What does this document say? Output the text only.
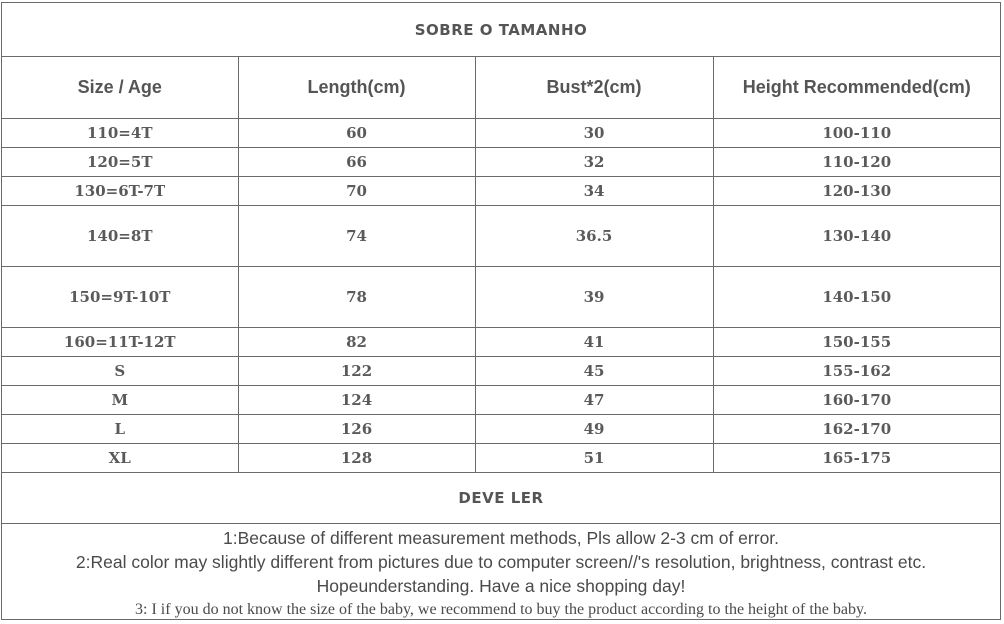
SOBRE O TAMANHO
Size / Age	Length(cm)	Bust*2(cm)	Height Recommended(cm)
110=4T	60	30	100-110
120=5T	66	32	110-120
130=6T-7T	70	34	120-130
140=8T	74	36.5	130-140
150=9T-10T	78	39	140-150
160=11T-12T	82	41	150-155
S	122	45	155-162
M	124	47	160-170
L	126	49	162-170
XL	128	51	165-175
DEVE LER
1:Because of different measurement methods, Pls allow 2-3 cm of error.
2:Real color may slightly different from pictures due to computer screen//'s resolution, brightness, contrast etc.
Hopeunderstanding. Have a nice shopping day!
3: I if you do not know the size of the baby, we recommend to buy the product according to the height of the baby.
